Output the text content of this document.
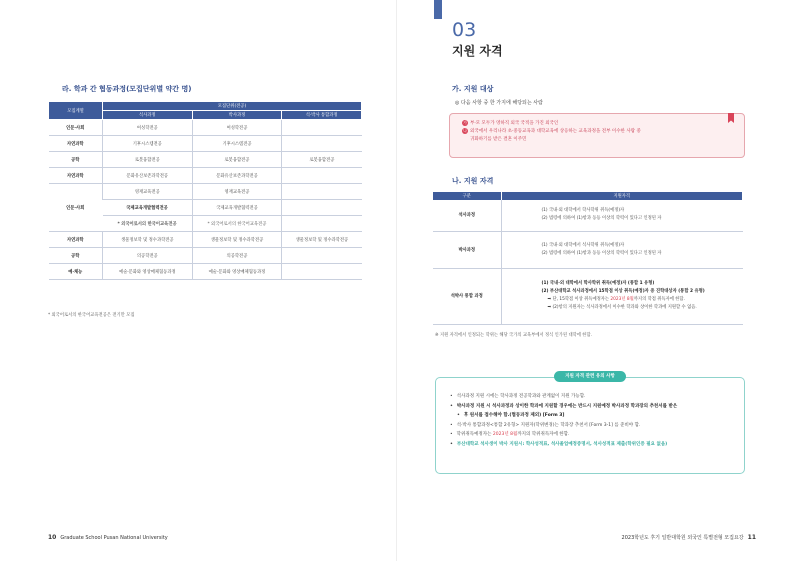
라. 학과 간 협동과정(모집단위별 약간 명)
모집계열	모집단위(전공)		
	석사과정	박사과정	석·박사 통합과정
인문·사회	여성학전공	여성학전공	
자연과학	기후시스템전공	기후시스템전공	
공학	로봇융합전공	로봇융합전공	로봇융합전공
자연과학	문화유산보존과학전공	문화유산보존과학전공	
인문·사회	영재교육전공	영재교육전공	
	국제교육개발협력전공	국제교육개발협력전공	
	* 외국어로서의 한국어교육전공	* 외국어로서의 한국어교육전공	
자연과학	생물정보학 및 정수과학전공	생물정보학 및 정수과학전공	생물정보학 및 정수과학전공
공학	의공학전공	의공학전공	
예·체능	예술·문화와 영상매체협동과정	예술·문화와 영상매체협동과정	
* 외국어로서의 한국어교육전공은 전기만 모집
10 Graduate School Pusan National University
03
지원 자격
가. 지원 대상
◎ 다음 사항 중 한 가지에 해당되는 사람
가 부·모 모두가 영하직 외국 국적을 가진 외국인
나 외국에서 우리나라 초·중등교육과 대학교육에 상응하는 교육과정을 전부 이수한 사람 중
귀화하기를 받은 결혼 이주민
나. 지원 자격
구분	지원자격
석사과정	(1) 국내·외 대학에서 학사학위 취득(예정)자
(2) 법령에 의하여 (1)항과 동등 이상의 학력이 있다고 인정된 자

박사과정	(1) 국내·외 대학에서 석사학위 취득(예정)자
(2) 법령에 의하여 (1)항과 동등 이상의 학력이 있다고 인정된 자

석박사 통합 과정	(1) 국내·외 대학에서 학사학위 취득(예정)자 (통합 1 유형)
(2) 부산대학교 석사과정에서 15학점 이상 취득(예정)자 중 진학대상자 (통합 2 유형)
➡ 단, 15학점 이상 취득예정자는 2023년 8월까지의 학점 취득자에 한함.
➡ (2)항의 지원자는 석사과정에서 이수한 학과와 상이한 학과에 지원할 수 없음.
※ 지원 자격에서 인정되는 학위는 해당 국가의 교육부에서 정식 인가된 대학에 한함.
지원 자격 관련 유의 사항
• 석사과정 지원 시에는 학사과정 전공학과와 관계없이 지원 가능함.
• 박사과정 지원 시 석사과정과 상이한 학과에 지원할 경우에는 반드시 지원예정 박사과정 학과장의 추천서를 받은
• 후 원서를 접수해야 함.(협동과정 제외) [Form 3]
• 석·박사 통합과정<통합 2유형> 지원자(학위변경)는 학과장 추천서 [Form 3-1] 를 준비야 함.
• 학위취득예정자는 2023년 8월까지의 학위취득자에 한함.
• 부산대학교 석사생이 박사 지원시: 학사성적표, 석사졸업예정증명서, 석사성적표 제출(학위인증 필요 없음)
2023학년도 후기 일반대학원 외국인 특별전형 모집요강 11
